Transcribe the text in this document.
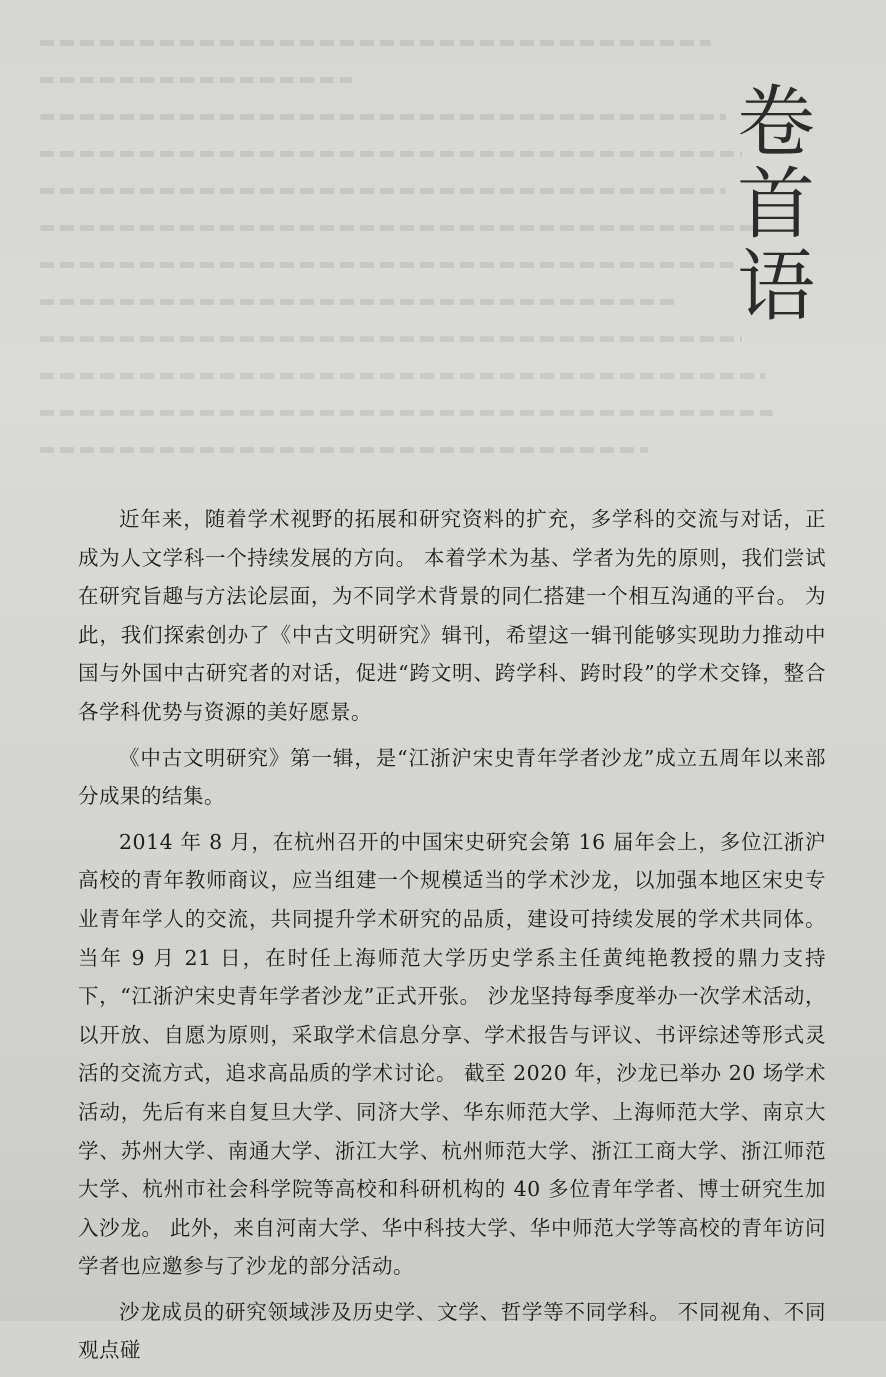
卷
首
语

近年来，随着学术视野的拓展和研究资料的扩充，多学科的交流与对话，正成为人文学科一个持续发展的方向。 本着学术为基、学者为先的原则，我们尝试在研究旨趣与方法论层面，为不同学术背景的同仁搭建一个相互沟通的平台。 为此，我们探索创办了《中古文明研究》辑刊，希望这一辑刊能够实现助力推动中国与外国中古研究者的对话，促进“跨文明、跨学科、跨时段”的学术交锋，整合各学科优势与资源的美好愿景。

《中古文明研究》第一辑，是“江浙沪宋史青年学者沙龙”成立五周年以来部分成果的结集。

2014 年 8 月，在杭州召开的中国宋史研究会第 16 届年会上，多位江浙沪高校的青年教师商议，应当组建一个规模适当的学术沙龙，以加强本地区宋史专业青年学人的交流，共同提升学术研究的品质，建设可持续发展的学术共同体。 当年 9 月 21 日，在时任上海师范大学历史学系主任黄纯艳教授的鼎力支持下，“江浙沪宋史青年学者沙龙”正式开张。 沙龙坚持每季度举办一次学术活动，以开放、自愿为原则，采取学术信息分享、学术报告与评议、书评综述等形式灵活的交流方式，追求高品质的学术讨论。 截至 2020 年，沙龙已举办 20 场学术活动，先后有来自复旦大学、同济大学、华东师范大学、上海师范大学、南京大学、苏州大学、南通大学、浙江大学、杭州师范大学、浙江工商大学、浙江师范大学、杭州市社会科学院等高校和科研机构的 40 多位青年学者、博士研究生加入沙龙。 此外，来自河南大学、华中科技大学、华中师范大学等高校的青年访问学者也应邀参与了沙龙的部分活动。

沙龙成员的研究领域涉及历史学、文学、哲学等不同学科。 不同视角、不同观点碰
